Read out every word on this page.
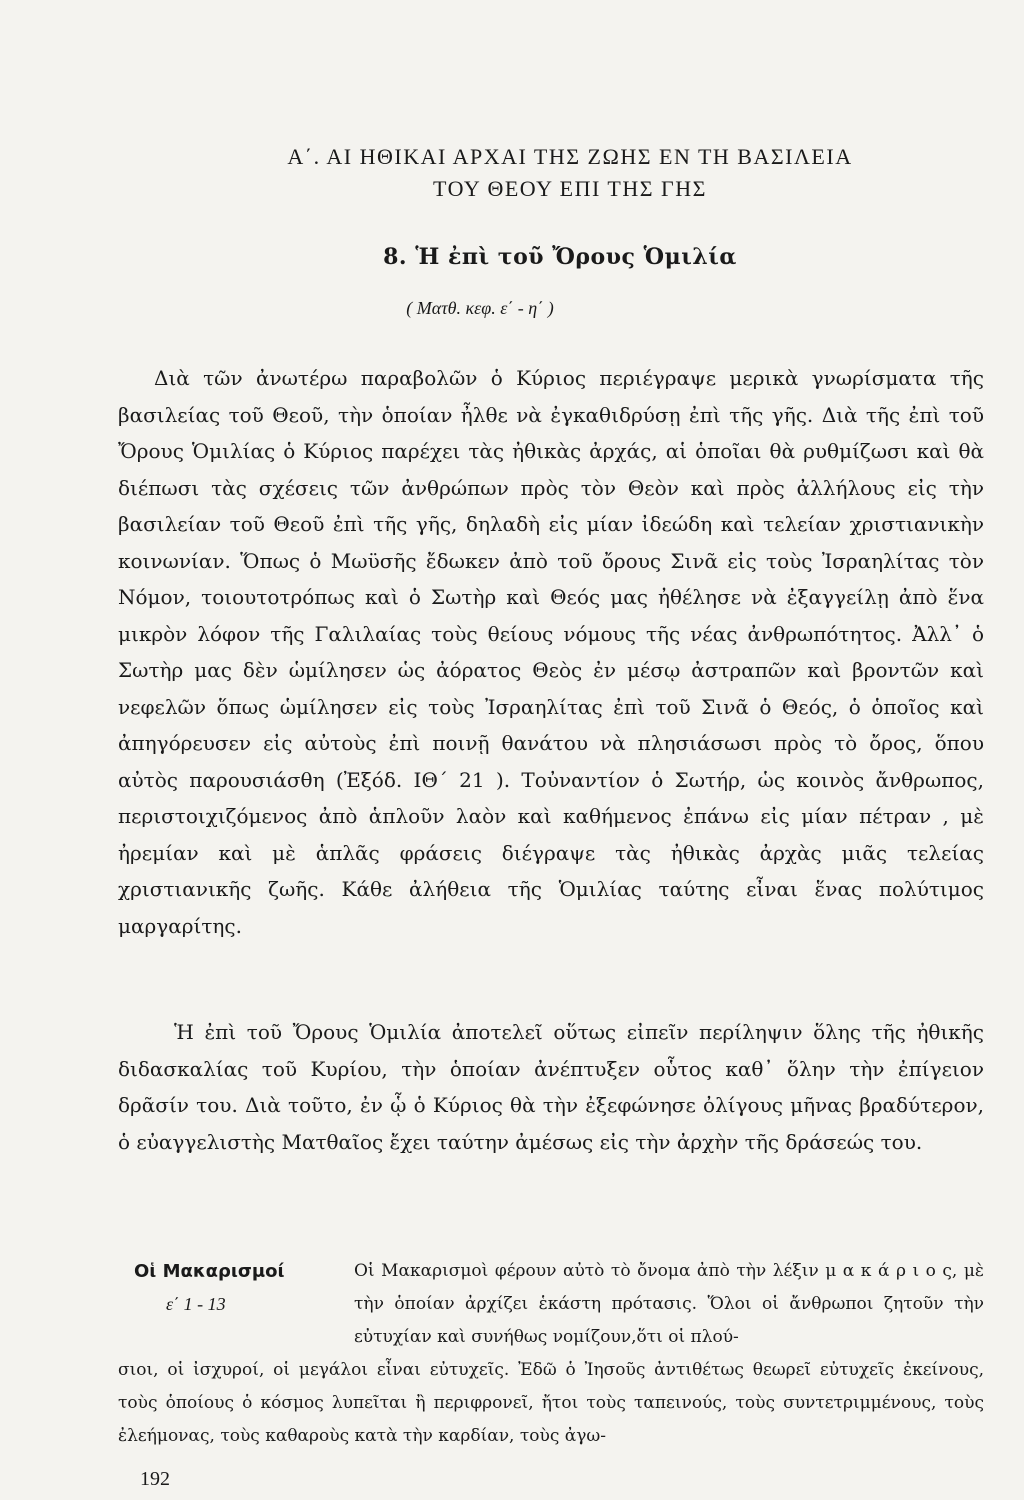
Α΄. ΑΙ ΗΘΙΚΑΙ ΑΡΧΑΙ ΤΗΣ ΖΩΗΣ ΕΝ ΤΗ ΒΑΣΙΛΕΙΑ
ΤΟΥ ΘΕΟΥ ΕΠΙ ΤΗΣ ΓΗΣ
8. Ἡ ἐπὶ τοῦ Ὄρους Ὁμιλία
( Ματθ. κεφ. ε΄ - η΄ )
Διὰ τῶν ἀνωτέρω παραβολῶν ὁ Κύριος περιέγραψε μερικὰ γνωρίσματα τῆς βασιλείας τοῦ Θεοῦ, τὴν ὁποίαν ἦλθε νὰ ἐγκαθιδρύσῃ ἐπὶ τῆς γῆς. Διὰ τῆς ἐπὶ τοῦ Ὄρους Ὁμιλίας ὁ Κύριος παρέχει τὰς ἠθικὰς ἀρχάς, αἱ ὁποῖαι θὰ ρυθμίζωσι καὶ θὰ διέπωσι τὰς σχέσεις τῶν ἀνθρώπων πρὸς τὸν Θεὸν καὶ πρὸς ἀλλήλους εἰς τὴν βασιλείαν τοῦ Θεοῦ ἐπὶ τῆς γῆς, δηλαδὴ εἰς μίαν ἰδεώδη καὶ τελείαν χριστιανικὴν κοινωνίαν. Ὅπως ὁ Μωϋσῆς ἔδωκεν ἀπὸ τοῦ ὄρους Σινᾶ εἰς τοὺς Ἰσραηλίτας τὸν Νόμον, τοιουτοτρόπως καὶ ὁ Σωτὴρ καὶ Θεός μας ἠθέλησε νὰ ἐξαγγείλῃ ἀπὸ ἕνα μικρὸν λόφον τῆς Γαλιλαίας τοὺς θείους νόμους τῆς νέας ἀνθρωπότητος. Ἀλλ᾽ ὁ Σωτὴρ μας δὲν ὡμίλησεν ὡς ἀόρατος Θεὸς ἐν μέσῳ ἀστραπῶν καὶ βροντῶν καὶ νεφελῶν ὅπως ὡμίλησεν εἰς τοὺς Ἰσραηλίτας ἐπὶ τοῦ Σινᾶ ὁ Θεός, ὁ ὁποῖος καὶ ἀπηγόρευσεν εἰς αὐτοὺς ἐπὶ ποινῇ θανάτου νὰ πλησιάσωσι πρὸς τὸ ὄρος, ὅπου αὐτὸς παρουσιάσθη (Ἐξόδ. ΙΘ΄ 21 ). Τοὐναντίον ὁ Σωτήρ, ὡς κοινὸς ἄνθρωπος, περιστοιχιζόμενος ἀπὸ ἁπλοῦν λαὸν καὶ καθήμενος ἐπάνω εἰς μίαν πέτραν , μὲ ἠρεμίαν καὶ μὲ ἁπλᾶς φράσεις διέγραψε τὰς ἠθικὰς ἀρχὰς μιᾶς τελείας χριστιανικῆς ζωῆς. Κάθε ἀλήθεια τῆς Ὁμιλίας ταύτης εἶναι ἕνας πολύτιμος μαργαρίτης.
Ἡ ἐπὶ τοῦ Ὄρους Ὁμιλία ἀποτελεῖ οὕτως εἰπεῖν περίληψιν ὅλης τῆς ἠθικῆς διδασκαλίας τοῦ Κυρίου, τὴν ὁποίαν ἀνέπτυξεν οὗτος καθ᾽ ὅλην τὴν ἐπίγειον δρᾶσίν του. Διὰ τοῦτο, ἐν ᾧ ὁ Κύριος θὰ τὴν ἐξεφώνησε ὀλίγους μῆνας βραδύτερον, ὁ εὐαγγελιστὴς Ματθαῖος ἔχει ταύτην ἀμέσως εἰς τὴν ἀρχὴν τῆς δράσεώς του.
Οἱ Μακαρισμοί
ε΄ 1 - 13
Οἱ Μακαρισμοὶ φέρουν αὐτὸ τὸ ὄνομα ἀπὸ τὴν λέξιν μ α κ ά ρ ι ο ς, μὲ τὴν ὁποίαν ἀρχίζει ἑκάστη πρότασις. Ὅλοι οἱ ἄνθρωποι ζητοῦν τὴν εὐτυχίαν καὶ συνήθως νομίζουν,ὅτι οἱ πλού-
σιοι, οἱ ἰσχυροί, οἱ μεγάλοι εἶναι εὐτυχεῖς. Ἐδῶ ὁ Ἰησοῦς ἀντιθέτως θεωρεῖ εὐτυχεῖς ἐκείνους, τοὺς ὁποίους ὁ κόσμος λυπεῖται ἢ περιφρονεῖ, ἤτοι τοὺς ταπεινούς, τοὺς συντετριμμένους, τοὺς ἐλεήμονας, τοὺς καθαροὺς κατὰ τὴν καρδίαν, τοὺς ἀγω-
192
